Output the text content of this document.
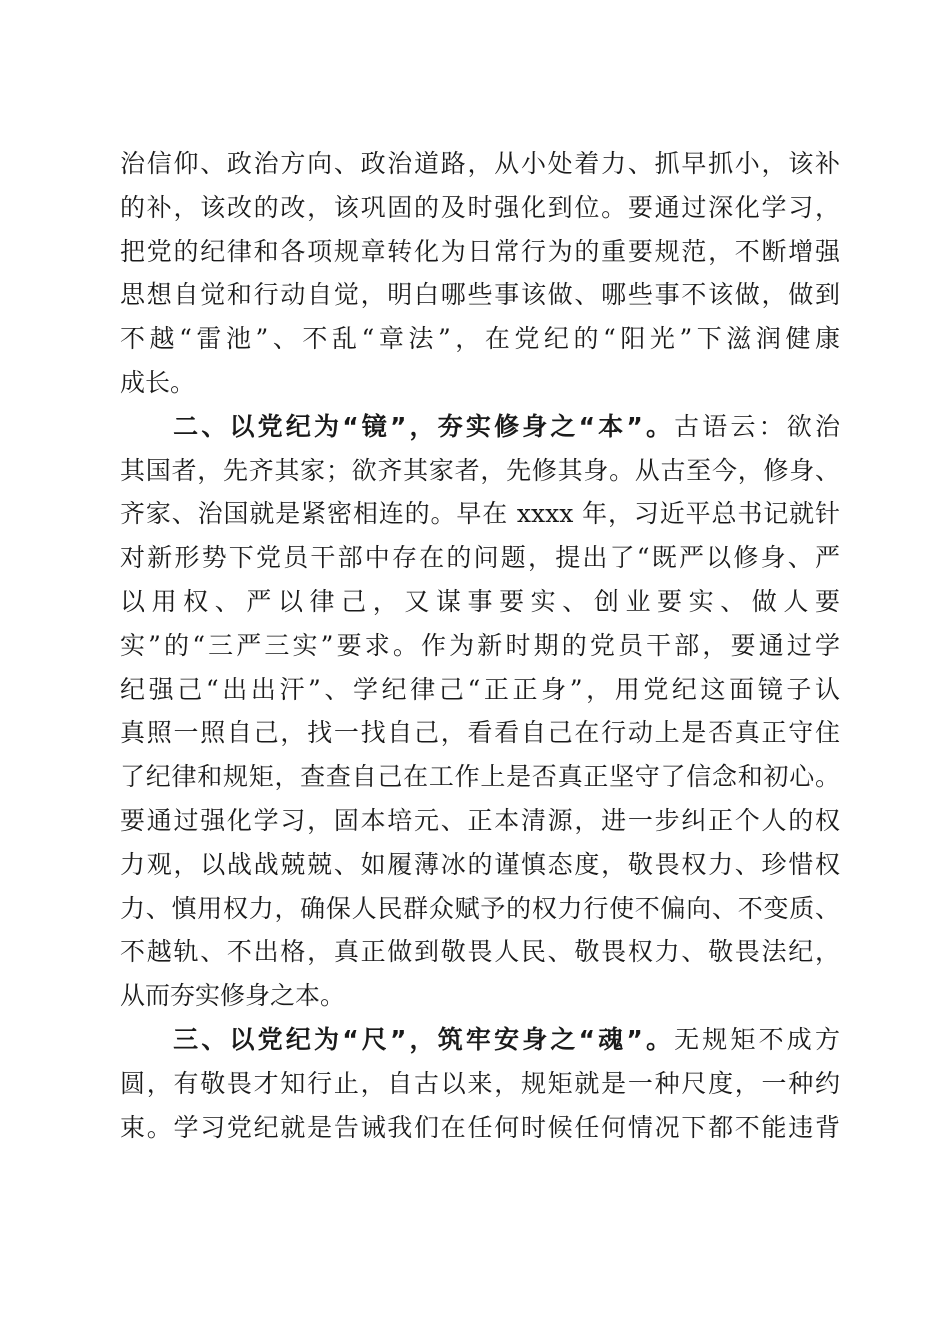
治信仰、政治方向、政治道路，从小处着力、抓早抓小，该补
的补，该改的改，该巩固的及时强化到位。要通过深化学习，
把党的纪律和各项规章转化为日常行为的重要规范，不断增强
思想自觉和行动自觉，明白哪些事该做、哪些事不该做，做到
不越“雷池”、不乱“章法”，在党纪的“阳光”下滋润健康
成长。
二、以党纪为“镜”，夯实修身之“本”。古语云：欲治
其国者，先齐其家；欲齐其家者，先修其身。从古至今，修身、
齐家、治国就是紧密相连的。早在 xxxx 年，习近平总书记就针
对新形势下党员干部中存在的问题，提出了“既严以修身、严
以用权、严以律己，又谋事要实、创业要实、做人要
实”的“三严三实”要求。作为新时期的党员干部，要通过学
纪强己“出出汗”、学纪律己“正正身”，用党纪这面镜子认
真照一照自己，找一找自己，看看自己在行动上是否真正守住
了纪律和规矩，查查自己在工作上是否真正坚守了信念和初心。
要通过强化学习，固本培元、正本清源，进一步纠正个人的权
力观，以战战兢兢、如履薄冰的谨慎态度，敬畏权力、珍惜权
力、慎用权力，确保人民群众赋予的权力行使不偏向、不变质、
不越轨、不出格，真正做到敬畏人民、敬畏权力、敬畏法纪，
从而夯实修身之本。
三、以党纪为“尺”，筑牢安身之“魂”。无规矩不成方
圆，有敬畏才知行止，自古以来，规矩就是一种尺度，一种约
束。学习党纪就是告诫我们在任何时候任何情况下都不能违背
